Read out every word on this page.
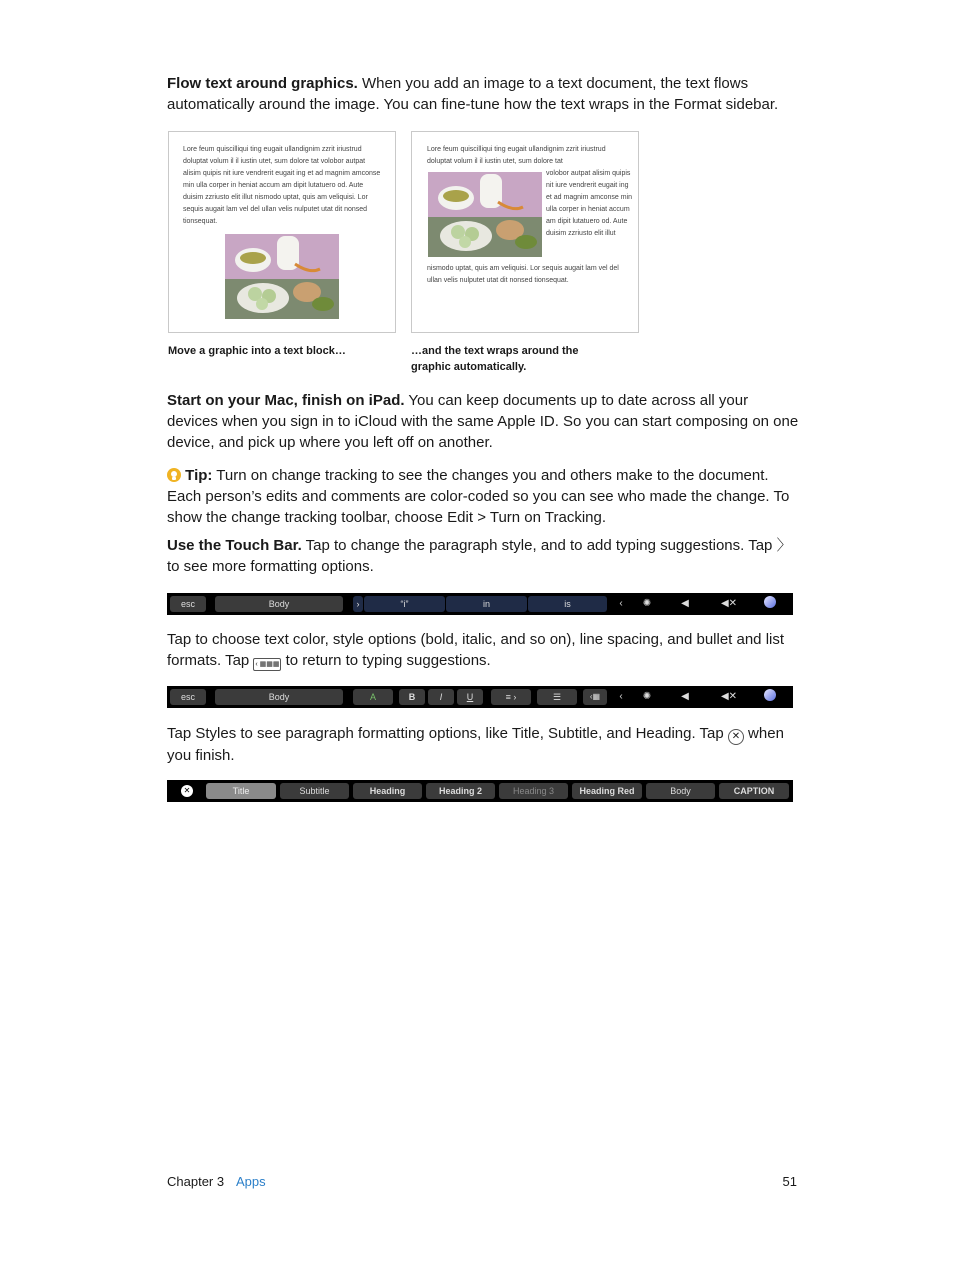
Flow text around graphics. When you add an image to a text document, the text flows automatically around the image. You can fine-tune how the text wraps in the Format sidebar.
Lore feum quiscilliqui ting eugait ullandignim zzrit iriustrud doluptat volum il il iustin utet, sum dolore tat volobor autpat alisim quipis nit iure vendrerit eugait ing et ad magnim amconse min ulla corper in heniat accum am dipit lutatuero od. Aute duisim zzriusto elit illut nismodo uptat, quis am veliquisi. Lor sequis augait lam vel del ullan velis nulputet utat dit nonsed tionsequat.
Lore feum quiscilliqui ting eugait ullandignim zzrit iriustrud doluptat volum il il iustin utet, sum dolore tat
volobor autpat alisim quipis nit iure vendrerit eugait ing et ad magnim amconse min ulla corper in heniat accum am dipit lutatuero od. Aute duisim zzriusto elit illut
nismodo uptat, quis am veliquisi. Lor sequis augait lam vel del ullan velis nulputet utat dit nonsed tionsequat.
Move a graphic into a text block…	…and the text wraps around the graphic automatically.
Start on your Mac, finish on iPad. You can keep documents up to date across all your devices when you sign in to iCloud with the same Apple ID. So you can start composing on one device, and pick up where you left off on another.
Tip: Turn on change tracking to see the changes you and others make to the document. Each person’s edits and comments are color-coded so you can see who made the change. To show the change tracking toolbar, choose Edit > Turn on Tracking.
Use the Touch Bar. Tap to change the paragraph style, and to add typing suggestions. Tap 〉 to see more formatting options.
esc	Body	›	“i”	in	is	‹	✺	◀	◀✕
Tap to choose text color, style options (bold, italic, and so on), line spacing, and bullet and list formats. Tap ‹ ▦▦▦ to return to typing suggestions.
esc	Body	A	B	I	U	≡ ›	☰	‹▦	‹	✺	◀	◀✕
Tap Styles to see paragraph formatting options, like Title, Subtitle, and Heading. Tap ✕ when you finish.
✕	Title	Subtitle	Heading	Heading 2	Heading 3	Heading Red	Body	CAPTION
Chapter 3 Apps	51
